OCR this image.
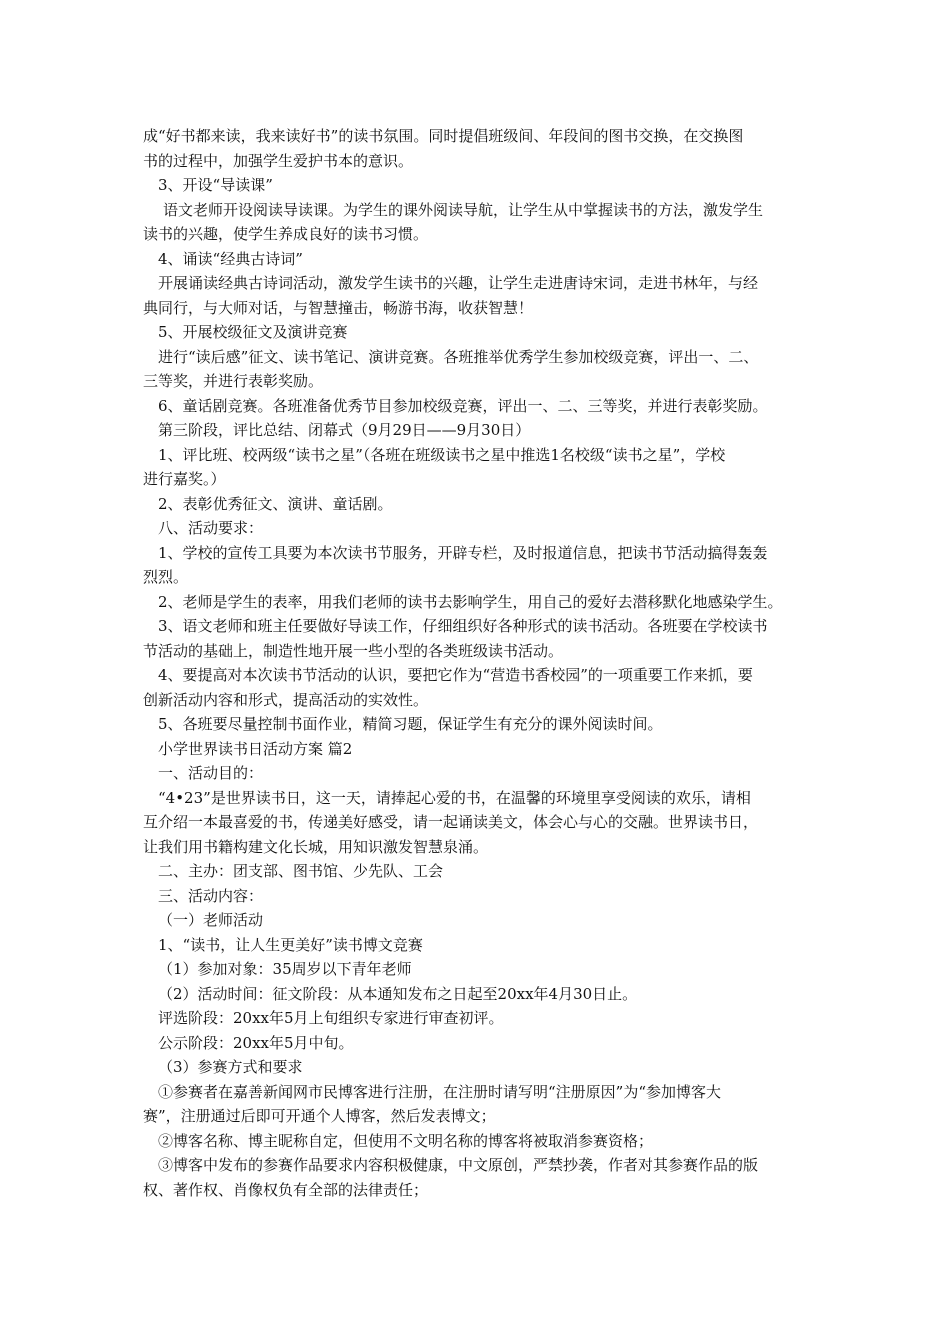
成“好书都来读，我来读好书”的读书氛围。同时提倡班级间、年段间的图书交换，在交换图
书的过程中，加强学生爱护书本的意识。
3、开设“导读课”
语文老师开设阅读导读课。为学生的课外阅读导航，让学生从中掌握读书的方法，激发学生
读书的兴趣，使学生养成良好的读书习惯。
4、诵读“经典古诗词”
开展诵读经典古诗词活动，激发学生读书的兴趣，让学生走进唐诗宋词，走进书林年，与经
典同行，与大师对话，与智慧撞击，畅游书海，收获智慧！
5、开展校级征文及演讲竞赛
进行“读后感”征文、读书笔记、演讲竞赛。各班推举优秀学生参加校级竞赛，评出一、二、
三等奖，并进行表彰奖励。
6、童话剧竞赛。各班准备优秀节目参加校级竞赛，评出一、二、三等奖，并进行表彰奖励。
第三阶段，评比总结、闭幕式（9月29日——9月30日）
1、评比班、校两级“读书之星”（各班在班级读书之星中推选1名校级“读书之星”，学校
进行嘉奖。）
2、表彰优秀征文、演讲、童话剧。
八、活动要求：
1、学校的宣传工具要为本次读书节服务，开辟专栏，及时报道信息，把读书节活动搞得轰轰
烈烈。
2、老师是学生的表率，用我们老师的读书去影响学生，用自己的爱好去潜移默化地感染学生。
3、语文老师和班主任要做好导读工作，仔细组织好各种形式的读书活动。各班要在学校读书
节活动的基础上，制造性地开展一些小型的各类班级读书活动。
4、要提高对本次读书节活动的认识，要把它作为“营造书香校园”的一项重要工作来抓，要
创新活动内容和形式，提高活动的实效性。
5、各班要尽量控制书面作业，精简习题，保证学生有充分的课外阅读时间。
小学世界读书日活动方案 篇2
一、活动目的：
“4•23”是世界读书日，这一天，请捧起心爱的书，在温馨的环境里享受阅读的欢乐，请相
互介绍一本最喜爱的书，传递美好感受，请一起诵读美文，体会心与心的交融。世界读书日，
让我们用书籍构建文化长城，用知识激发智慧泉涌。
二、主办：团支部、图书馆、少先队、工会
三、活动内容：
（一）老师活动
1、“读书，让人生更美好”读书博文竞赛
（1）参加对象：35周岁以下青年老师
（2）活动时间：征文阶段：从本通知发布之日起至20xx年4月30日止。
评选阶段：20xx年5月上旬组织专家进行审查初评。
公示阶段：20xx年5月中旬。
（3）参赛方式和要求
①参赛者在嘉善新闻网市民博客进行注册，在注册时请写明“注册原因”为“参加博客大
赛”，注册通过后即可开通个人博客，然后发表博文；
②博客名称、博主昵称自定，但使用不文明名称的博客将被取消参赛资格；
③博客中发布的参赛作品要求内容积极健康，中文原创，严禁抄袭，作者对其参赛作品的版
权、著作权、肖像权负有全部的法律责任；
